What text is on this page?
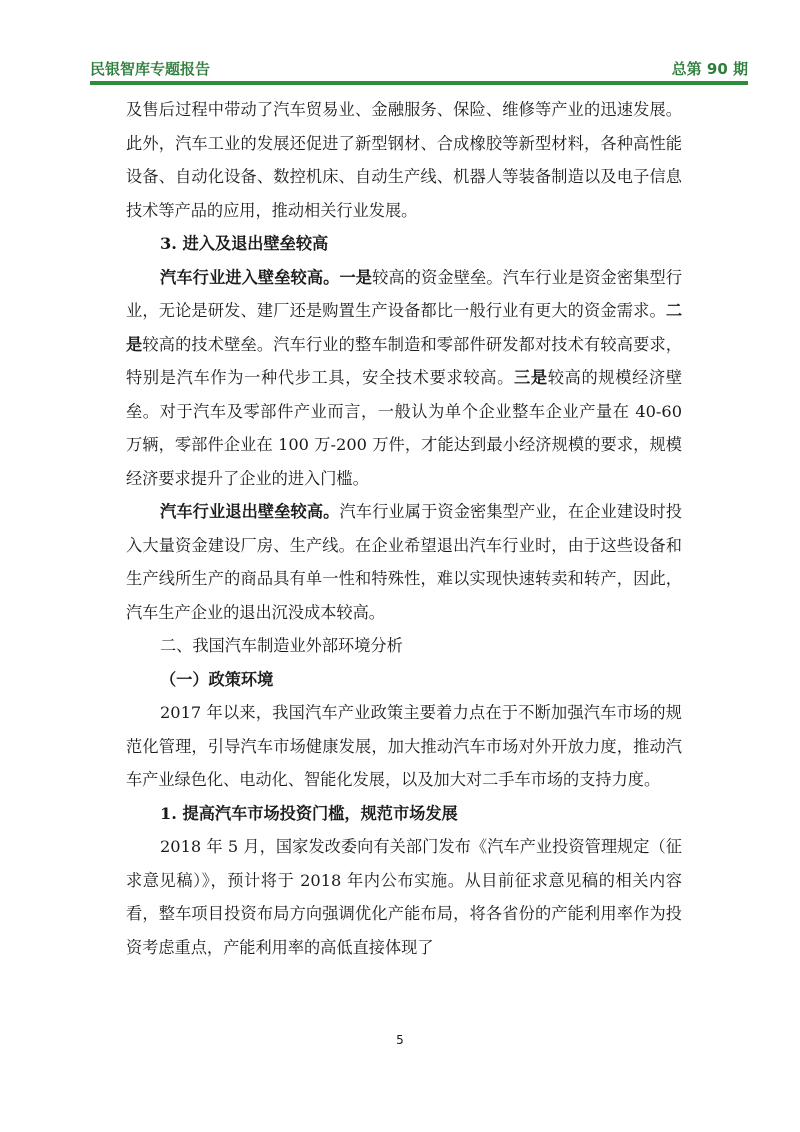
民银智库专题报告	总第 90 期

及售后过程中带动了汽车贸易业、金融服务、保险、维修等产业的迅速发展。此外，汽车工业的发展还促进了新型钢材、合成橡胶等新型材料，各种高性能设备、自动化设备、数控机床、自动生产线、机器人等装备制造以及电子信息技术等产品的应用，推动相关行业发展。

3. 进入及退出壁垒较高

汽车行业进入壁垒较高。一是较高的资金壁垒。汽车行业是资金密集型行业，无论是研发、建厂还是购置生产设备都比一般行业有更大的资金需求。二是较高的技术壁垒。汽车行业的整车制造和零部件研发都对技术有较高要求，特别是汽车作为一种代步工具，安全技术要求较高。三是较高的规模经济壁垒。对于汽车及零部件产业而言，一般认为单个企业整车企业产量在 40-60 万辆，零部件企业在 100 万-200 万件，才能达到最小经济规模的要求，规模经济要求提升了企业的进入门槛。

汽车行业退出壁垒较高。汽车行业属于资金密集型产业，在企业建设时投入大量资金建设厂房、生产线。在企业希望退出汽车行业时，由于这些设备和生产线所生产的商品具有单一性和特殊性，难以实现快速转卖和转产，因此，汽车生产企业的退出沉没成本较高。

二、我国汽车制造业外部环境分析

（一）政策环境

2017 年以来，我国汽车产业政策主要着力点在于不断加强汽车市场的规范化管理，引导汽车市场健康发展，加大推动汽车市场对外开放力度，推动汽车产业绿色化、电动化、智能化发展，以及加大对二手车市场的支持力度。

1. 提高汽车市场投资门槛，规范市场发展

2018 年 5 月，国家发改委向有关部门发布《汽车产业投资管理规定（征求意见稿）》，预计将于 2018 年内公布实施。从目前征求意见稿的相关内容看，整车项目投资布局方向强调优化产能布局，将各省份的产能利用率作为投资考虑重点，产能利用率的高低直接体现了

5
